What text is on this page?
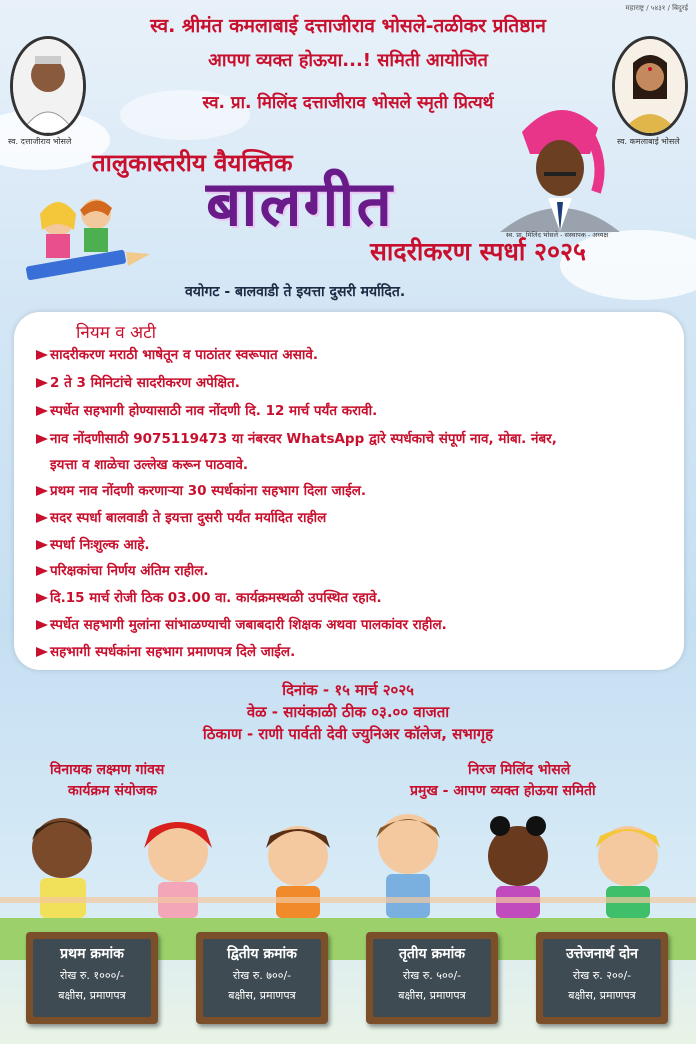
महाराष्ट्र / ५४३१ / बिदुरई
स्व. श्रीमंत कमलाबाई दत्ताजीराव भोसले-तळीकर प्रतिष्ठान
आपण व्यक्त होऊया...! समिती आयोजित
स्व. प्रा. मिलिंद दत्ताजीराव भोसले स्मृती प्रित्यर्थ
स्व. दत्ताजीराव भोसले	स्व. कमलाबाई भोसले
स्व. प्रा. मिलिंद भोसले - संस्थापक - अध्यक्ष
तालुकास्तरीय वैयक्तिक
बालगीत
सादरीकरण स्पर्धा २०२५
वयोगट - बालवाडी ते इयत्ता दुसरी मर्यादित.
नियम व अटी
सादरीकरण मराठी भाषेतून व पाठांतर स्वरूपात असावे.
2 ते 3 मिनिटांचे सादरीकरण अपेक्षित.
स्पर्धेत सहभागी होण्यासाठी नाव नोंदणी दि. 12 मार्च पर्यंत करावी.
नाव नोंदणीसाठी 9075119473 या नंबरवर WhatsApp द्वारे स्पर्धकाचे संपूर्ण नाव, मोबा. नंबर,
इयत्ता व शाळेचा उल्लेख करून पाठवावे.
प्रथम नाव नोंदणी करणाऱ्या 30 स्पर्धकांना सहभाग दिला जाईल.
सदर स्पर्धा बालवाडी ते इयत्ता दुसरी पर्यंत मर्यादित राहील
स्पर्धा निःशुल्क आहे.
परिक्षकांचा निर्णय अंतिम राहील.
दि.15 मार्च रोजी ठिक 03.00 वा. कार्यक्रमस्थळी उपस्थित रहावे.
स्पर्धेत सहभागी मुलांना सांभाळण्याची जबाबदारी शिक्षक अथवा पालकांवर राहील.
सहभागी स्पर्धकांना सहभाग प्रमाणपत्र दिले जाईल.
दिनांक - १५ मार्च २०२५
वेळ - सायंकाळी ठीक ०३.०० वाजता
ठिकाण - राणी पार्वती देवी ज्युनिअर कॉलेज, सभागृह
विनायक लक्ष्मण गांवस
कार्यक्रम संयोजक
निरज मिलिंद भोसले
प्रमुख - आपण व्यक्त होऊया समिती
प्रथम क्रमांक
रोख रु. १०००/-
बक्षीस, प्रमाणपत्र
द्वितीय क्रमांक
रोख रु. ७००/-
बक्षीस, प्रमाणपत्र
तृतीय क्रमांक
रोख रु. ५००/-
बक्षीस, प्रमाणपत्र
उत्तेजनार्थ दोन
रोख रु. २००/-
बक्षीस, प्रमाणपत्र
